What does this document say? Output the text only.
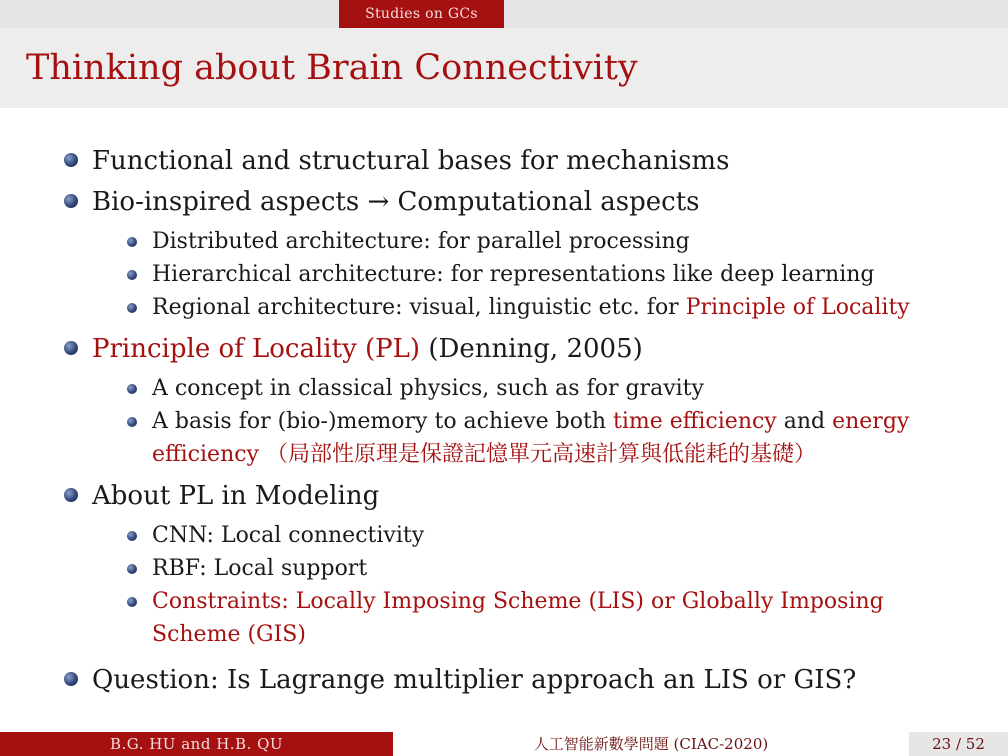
Studies on GCs
Thinking about Brain Connectivity
Functional and structural bases for mechanisms
Bio-inspired aspects → Computational aspects
Distributed architecture: for parallel processing
Hierarchical architecture: for representations like deep learning
Regional architecture: visual, linguistic etc. for Principle of Locality
Principle of Locality (PL) (Denning, 2005)
A concept in classical physics, such as for gravity
A basis for (bio-)memory to achieve both time efficiency and energy
efficiency （局部性原理是保證記憶單元高速計算與低能耗的基礎）
About PL in Modeling
CNN: Local connectivity
RBF: Local support
Constraints: Locally Imposing Scheme (LIS) or Globally Imposing
Scheme (GIS)
Question: Is Lagrange multiplier approach an LIS or GIS?
B.G. HU and H.B. QU	人工智能新數學問題 (CIAC-2020)	23 / 52
